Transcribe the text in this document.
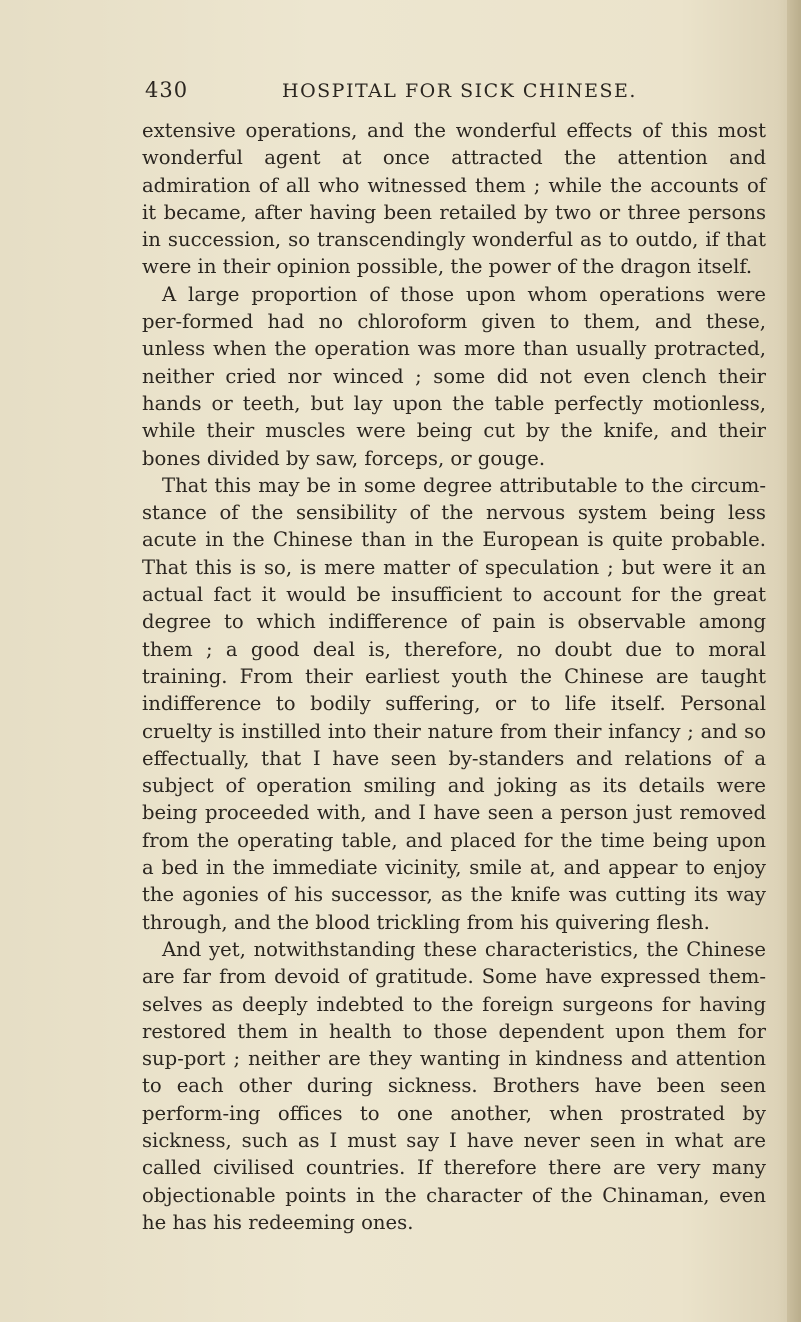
430	HOSPITAL FOR SICK CHINESE.

extensive operations, and the wonderful effects of this most wonderful agent at once attracted the attention and admiration of all who witnessed them ; while the accounts of it became, after having been retailed by two or three persons in succession, so transcendingly wonderful as to outdo, if that were in their opinion possible, the power of the dragon itself.

A large proportion of those upon whom operations were per-formed had no chloroform given to them, and these, unless when the operation was more than usually protracted, neither cried nor winced ; some did not even clench their hands or teeth, but lay upon the table perfectly motionless, while their muscles were being cut by the knife, and their bones divided by saw, forceps, or gouge.

That this may be in some degree attributable to the circum-stance of the sensibility of the nervous system being less acute in the Chinese than in the European is quite probable. That this is so, is mere matter of speculation ; but were it an actual fact it would be insufficient to account for the great degree to which indifference of pain is observable among them ; a good deal is, therefore, no doubt due to moral training. From their earliest youth the Chinese are taught indifference to bodily suffering, or to life itself. Personal cruelty is instilled into their nature from their infancy ; and so effectually, that I have seen by-standers and relations of a subject of operation smiling and joking as its details were being proceeded with, and I have seen a person just removed from the operating table, and placed for the time being upon a bed in the immediate vicinity, smile at, and appear to enjoy the agonies of his successor, as the knife was cutting its way through, and the blood trickling from his quivering flesh.

And yet, notwithstanding these characteristics, the Chinese are far from devoid of gratitude. Some have expressed them-selves as deeply indebted to the foreign surgeons for having restored them in health to those dependent upon them for sup-port ; neither are they wanting in kindness and attention to each other during sickness. Brothers have been seen perform-ing offices to one another, when prostrated by sickness, such as I must say I have never seen in what are called civilised countries. If therefore there are very many objectionable points in the character of the Chinaman, even he has his redeeming ones.
